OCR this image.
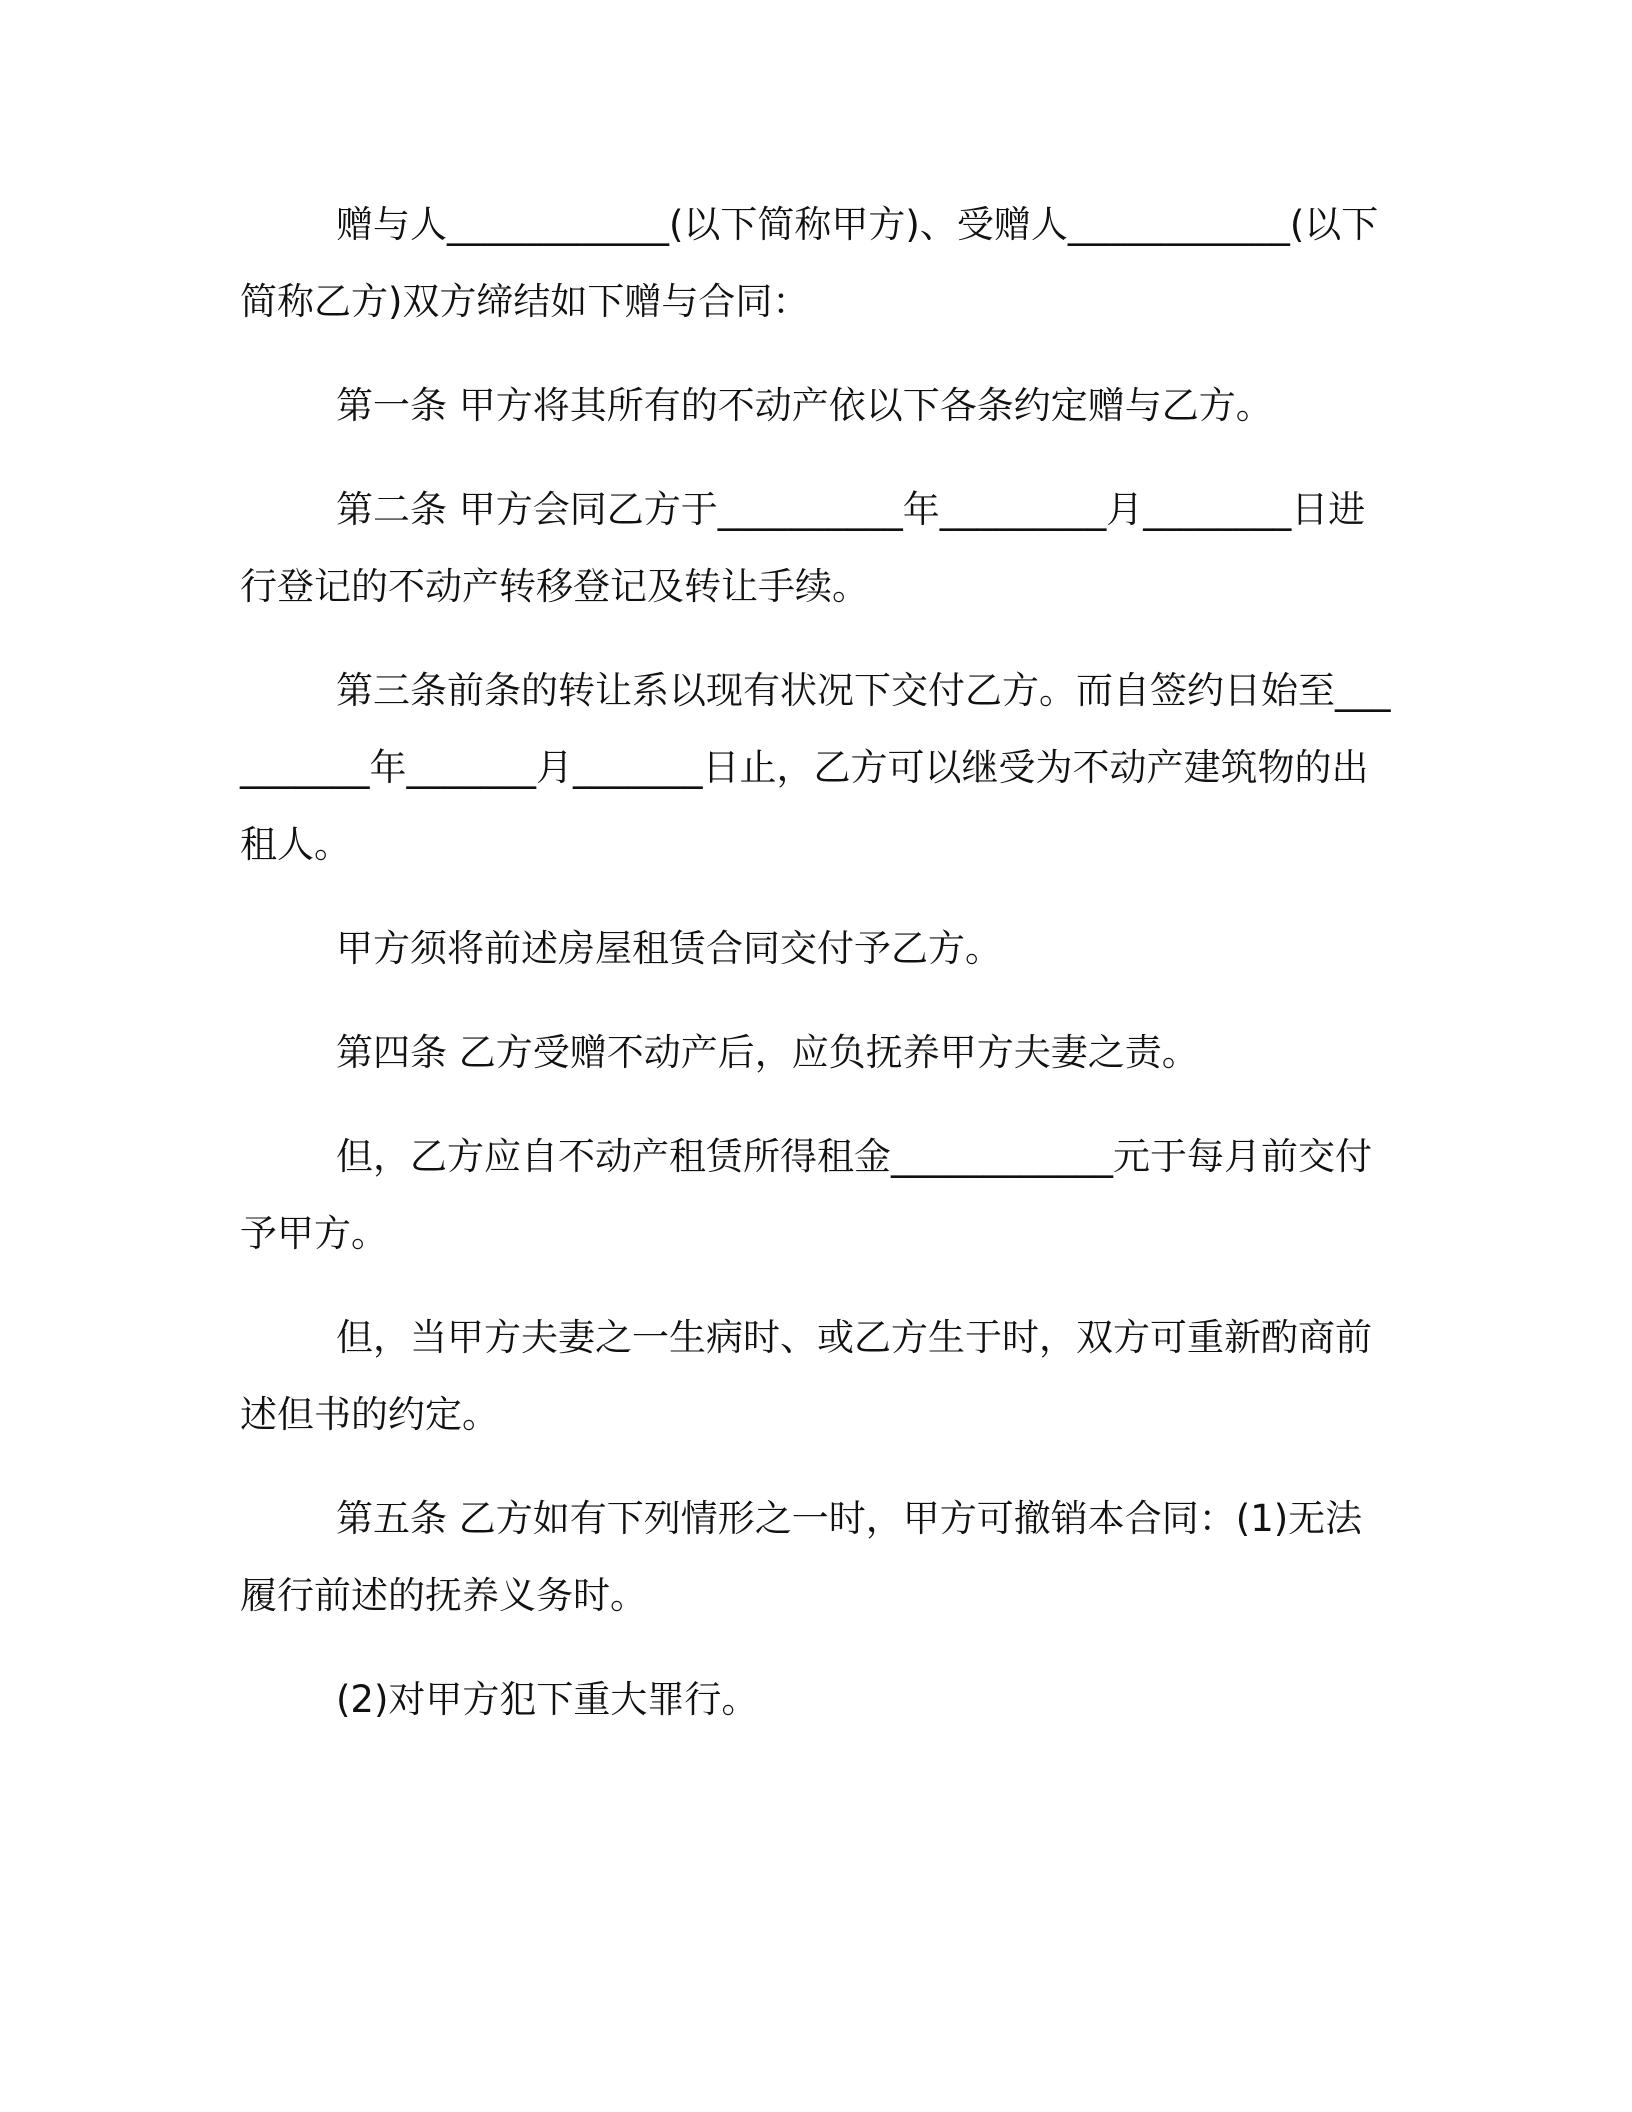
赠与人____________(以下简称甲方)、受赠人____________(以下简称乙方)双方缔结如下赠与合同：

第一条 甲方将其所有的不动产依以下各条约定赠与乙方。

第二条 甲方会同乙方于__________年_________月________日进行登记的不动产转移登记及转让手续。

第三条前条的转让系以现有状况下交付乙方。而自签约日始至__________年_______月_______日止，乙方可以继受为不动产建筑物的出租人。

甲方须将前述房屋租赁合同交付予乙方。

第四条 乙方受赠不动产后，应负抚养甲方夫妻之责。

但，乙方应自不动产租赁所得租金____________元于每月前交付予甲方。

但，当甲方夫妻之一生病时、或乙方生于时，双方可重新酌商前述但书的约定。

第五条 乙方如有下列情形之一时，甲方可撤销本合同：(1)无法履行前述的抚养义务时。

(2)对甲方犯下重大罪行。
